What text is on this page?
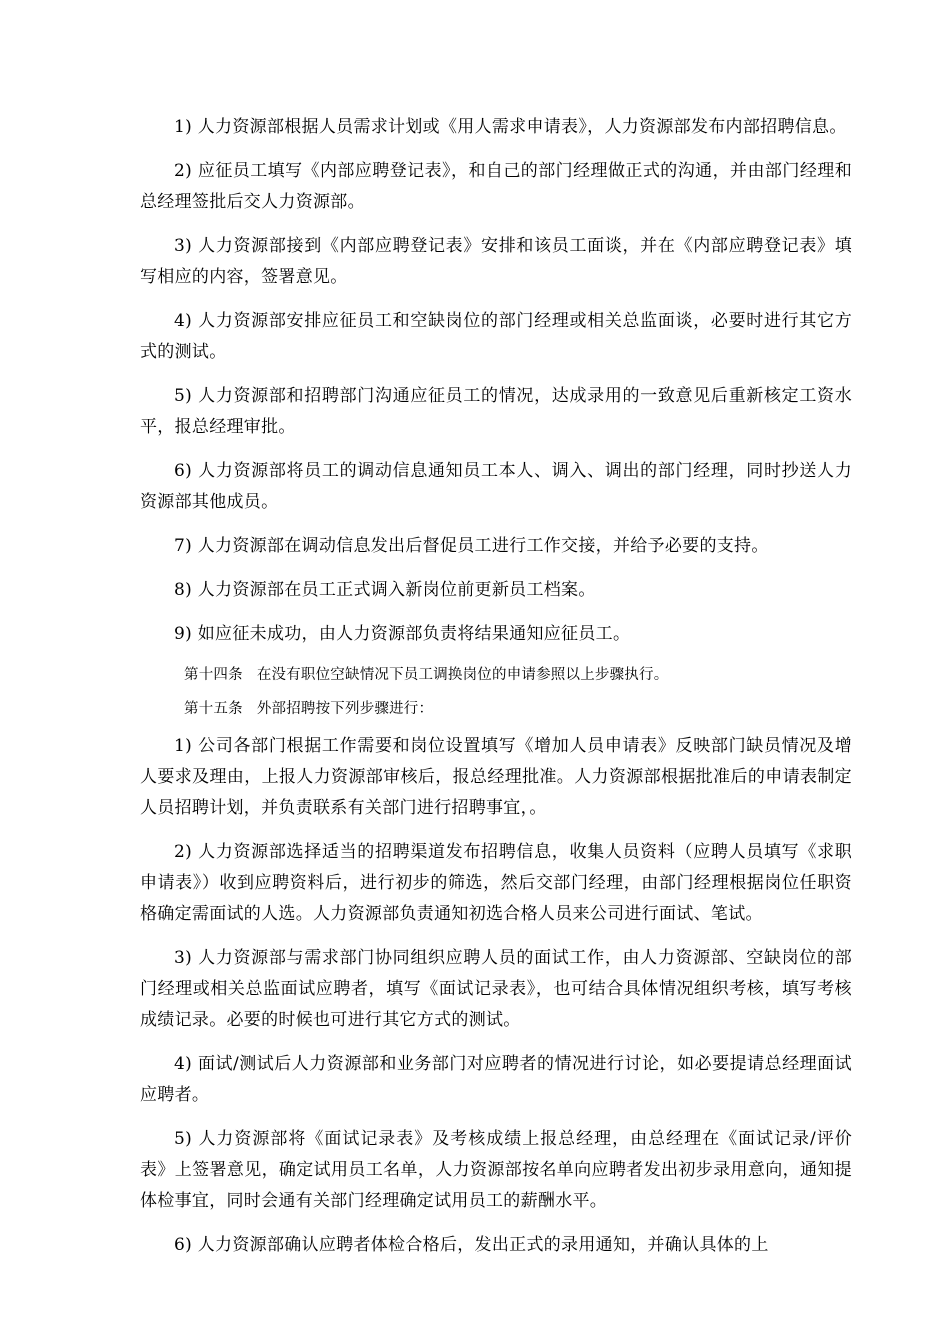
1) 人力资源部根据人员需求计划或《用人需求申请表》，人力资源部发布内部招聘信息。

2) 应征员工填写《内部应聘登记表》，和自己的部门经理做正式的沟通，并由部门经理和总经理签批后交人力资源部。

3) 人力资源部接到《内部应聘登记表》安排和该员工面谈，并在《内部应聘登记表》填写相应的内容，签署意见。

4) 人力资源部安排应征员工和空缺岗位的部门经理或相关总监面谈，必要时进行其它方式的测试。

5) 人力资源部和招聘部门沟通应征员工的情况，达成录用的一致意见后重新核定工资水平，报总经理审批。

6) 人力资源部将员工的调动信息通知员工本人、调入、调出的部门经理，同时抄送人力资源部其他成员。

7) 人力资源部在调动信息发出后督促员工进行工作交接，并给予必要的支持。

8) 人力资源部在员工正式调入新岗位前更新员工档案。

9) 如应征未成功，由人力资源部负责将结果通知应征员工。

第十四条 在没有职位空缺情况下员工调换岗位的申请参照以上步骤执行。

第十五条 外部招聘按下列步骤进行：

1) 公司各部门根据工作需要和岗位设置填写《增加人员申请表》反映部门缺员情况及增人要求及理由，上报人力资源部审核后，报总经理批准。人力资源部根据批准后的申请表制定人员招聘计划，并负责联系有关部门进行招聘事宜，。

2) 人力资源部选择适当的招聘渠道发布招聘信息，收集人员资料（应聘人员填写《求职申请表》）收到应聘资料后，进行初步的筛选，然后交部门经理，由部门经理根据岗位任职资格确定需面试的人选。人力资源部负责通知初选合格人员来公司进行面试、笔试。

3) 人力资源部与需求部门协同组织应聘人员的面试工作，由人力资源部、空缺岗位的部门经理或相关总监面试应聘者，填写《面试记录表》，也可结合具体情况组织考核，填写考核成绩记录。必要的时候也可进行其它方式的测试。

4) 面试/测试后人力资源部和业务部门对应聘者的情况进行讨论，如必要提请总经理面试应聘者。

5) 人力资源部将《面试记录表》及考核成绩上报总经理，由总经理在《面试记录/评价表》上签署意见，确定试用员工名单，人力资源部按名单向应聘者发出初步录用意向，通知提体检事宜，同时会通有关部门经理确定试用员工的薪酬水平。

6) 人力资源部确认应聘者体检合格后，发出正式的录用通知，并确认具体的上
